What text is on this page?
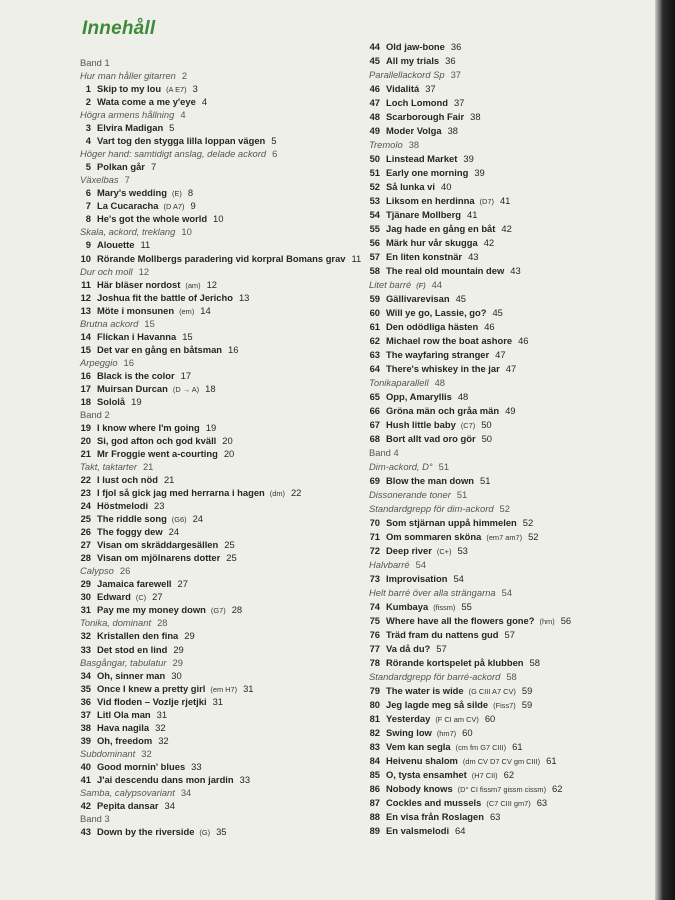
Innehåll
Band 1
Hur man håller gitarren 2
1 Skip to my lou (A E7) 3
2 Wata come a me y'eye 4
Högra armens hållning 4
3 Elvira Madigan 5
4 Vart tog den stygga lilla loppan vägen 5
Höger hand: samtidigt anslag, delade ackord 6
5 Polkan går 7
Växelbas 7
6 Mary's wedding (E) 8
7 La Cucaracha (D A7) 9
8 He's got the whole world 10
Skala, ackord, treklang 10
9 Alouette 11
10 Rörande Mollbergs paradering vid korpral Bomans grav 11
Dur och moll 12
11 Här bläser nordost (am) 12
12 Joshua fit the battle of Jericho 13
13 Möte i monsunen (em) 14
Brutna ackord 15
14 Flickan i Havanna 15
15 Det var en gång en båtsman 16
Arpeggio 16
16 Black is the color 17
17 Muirsan Durcan (D → A) 18
18 Sololå 19
Band 2
19 I know where I'm going 19
20 Si, god afton och god kväll 20
21 Mr Froggie went a-courting 20
Takt, taktarter 21
22 I lust och nöd 21
23 I fjol så gick jag med herrarna i hagen (dm) 22
24 Höstmelodi 23
25 The riddle song (G6) 24
26 The foggy dew 24
27 Visan om skräddargesällen 25
28 Visan om mjölnarens dotter 25
Calypso 26
29 Jamaica farewell 27
30 Edward (C) 27
31 Pay me my money down (G7) 28
Tonika, dominant 28
32 Kristallen den fina 29
33 Det stod en lind 29
Basgångar, tabulatur 29
34 Oh, sinner man 30
35 Once I knew a pretty girl (em H7) 31
36 Vid floden – Vozlje rjetjki 31
37 Litl Ola man 31
38 Hava nagila 32
39 Oh, freedom 32
Subdominant 32
40 Good mornin' blues 33
41 J'ai descendu dans mon jardin 33
Samba, calypsovariant 34
42 Pepita dansar 34
Band 3
43 Down by the riverside (G) 35
44 Old jaw-bone 36
45 All my trials 36
Parallellackord Sp 37
46 Vidalitá 37
47 Loch Lomond 37
48 Scarborough Fair 38
49 Moder Volga 38
Tremolo 38
50 Linstead Market 39
51 Early one morning 39
52 Så lunka vi 40
53 Liksom en herdinna (D7) 41
54 Tjänare Mollberg 41
55 Jag hade en gång en båt 42
56 Märk hur vår skugga 42
57 En liten konstnär 43
58 The real old mountain dew 43
Litet barré (F) 44
59 Gällivarevisan 45
60 Will ye go, Lassie, go? 45
61 Den odödliga hästen 46
62 Michael row the boat ashore 46
63 The wayfaring stranger 47
64 There's whiskey in the jar 47
Tonikaparallell 48
65 Opp, Amaryllis 48
66 Gröna män och gråa män 49
67 Hush little baby (C7) 50
68 Bort allt vad oro gör 50
Band 4
Dim-ackord, D° 51
69 Blow the man down 51
Dissonerande toner 51
Standardgrepp för dim-ackord 52
70 Som stjärnan uppå himmelen 52
71 Om sommaren sköna (em7 am7) 52
72 Deep river (C+) 53
Halvbarré 54
73 Improvisation 54
Helt barré över alla strängarna 54
74 Kumbaya (fissm) 55
75 Where have all the flowers gone? (hm) 56
76 Träd fram du nattens gud 57
77 Va då du? 57
78 Rörande kortspelet på klubben 58
Standardgrepp för barré-ackord 58
79 The water is wide (G CIII A7 CV) 59
80 Jeg lagde meg så silde (Fiss7) 59
81 Yesterday (F CI am CV) 60
82 Swing low (hm7) 60
83 Vem kan segla (cm fm G7 CIII) 61
84 Heivenu shalom (dm CV D7 CV gm CIII) 61
85 O, tysta ensamhet (H7 CII) 62
86 Nobody knows (D° CI fissm7 gissm cissm) 62
87 Cockles and mussels (C7 CIII gm7) 63
88 En visa från Roslagen 63
89 En valsmelodi 64
